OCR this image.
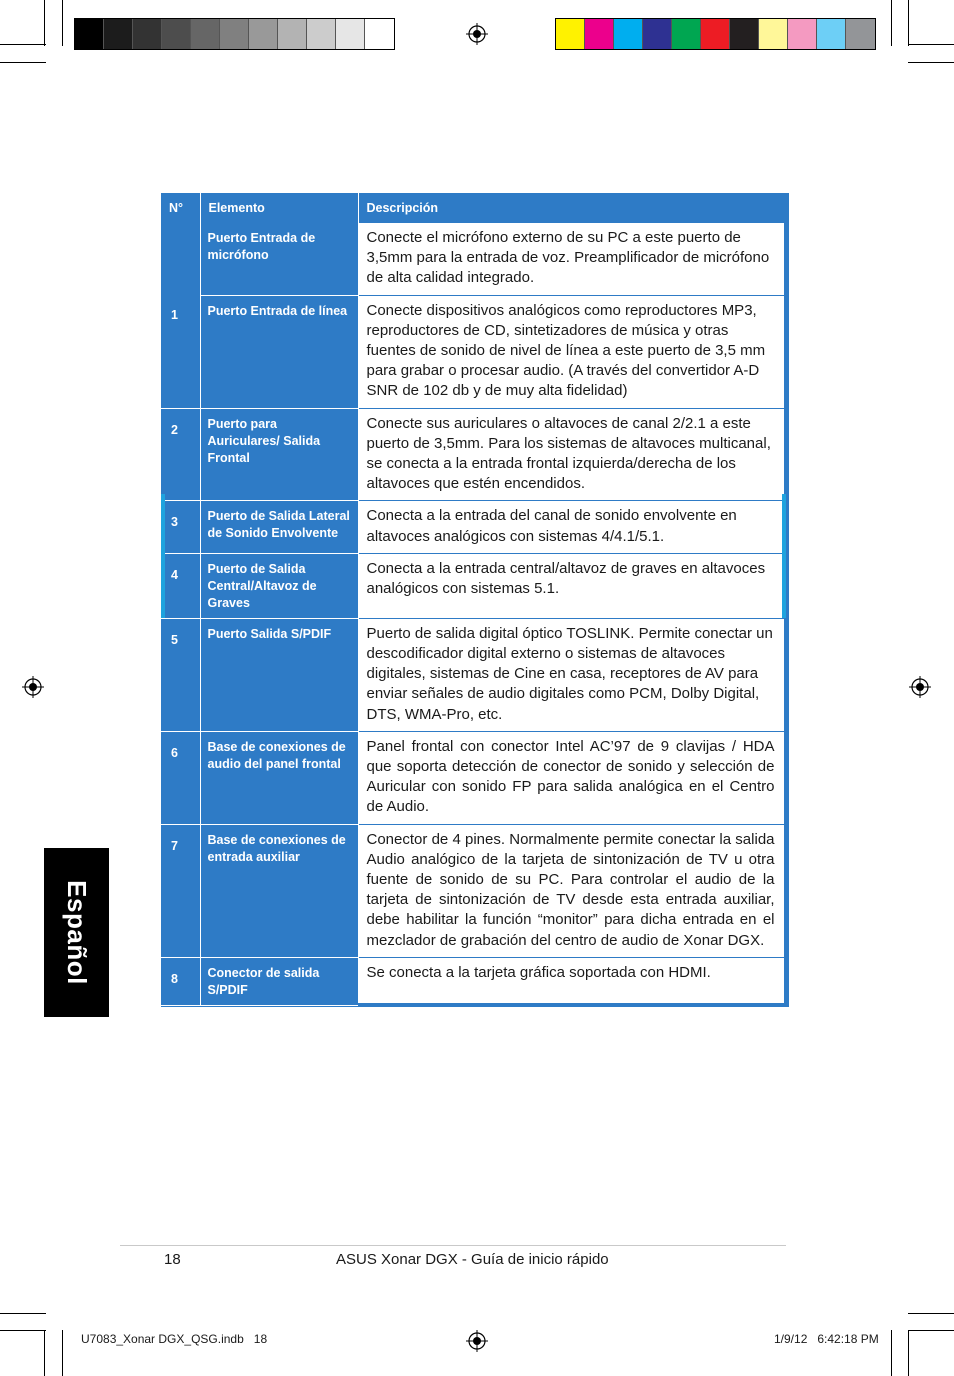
Español
N°	Elemento	Descripción
1	Puerto Entrada de micrófono	Conecte el micrófono externo de su PC a este puerto de 3,5mm para la entrada de voz. Preamplificador de micrófono de alta calidad integrado.
	Puerto Entrada de línea	Conecte dispositivos analógicos como reproductores MP3, reproductores de CD, sintetizadores de música y otras fuentes de sonido de nivel de línea a este puerto de 3,5 mm para grabar o procesar audio. (A través del convertidor A-D SNR de 102 db y de muy alta fidelidad)
2	Puerto para Auriculares/ Salida Frontal	Conecte sus auriculares o altavoces de canal 2/2.1 a este puerto de 3,5mm. Para los sistemas de altavoces multicanal, se conecta a la entrada frontal izquierda/derecha de los altavoces que estén encendidos.
3	Puerto de Salida Lateral de Sonido Envolvente	Conecta a la entrada del canal de sonido envolvente en altavoces analógicos con sistemas 4/4.1/5.1.
4	Puerto de Salida Central/Altavoz de Graves	Conecta a la entrada central/altavoz de graves en altavoces analógicos con sistemas 5.1.
5	Puerto Salida S/PDIF	Puerto de salida digital óptico TOSLINK. Permite conectar un descodificador digital externo o sistemas de altavoces digitales, sistemas de Cine en casa, receptores de AV para enviar señales de audio digitales como PCM, Dolby Digital, DTS, WMA-Pro, etc.
6	Base de conexiones de audio del panel frontal	Panel frontal con conector Intel AC’97 de 9 clavijas / HDA que soporta detección de conector de sonido y selección de Auricular con sonido FP para salida analógica en el Centro de Audio.
7	Base de conexiones de entrada auxiliar	Conector de 4 pines. Normalmente permite conectar la salida Audio analógico de la tarjeta de sintonización de TV u otra fuente de sonido de su PC. Para controlar el audio de la tarjeta de sintonización de TV desde esta entrada auxiliar, debe habilitar la función “monitor” para dicha entrada en el mezclador de grabación del centro de audio de Xonar DGX.
8	Conector de salida S/PDIF	Se conecta a la tarjeta gráfica soportada con HDMI.
18	ASUS Xonar DGX - Guía de inicio rápido
U7083_Xonar DGX_QSG.indb   18	1/9/12   6:42:18 PM
